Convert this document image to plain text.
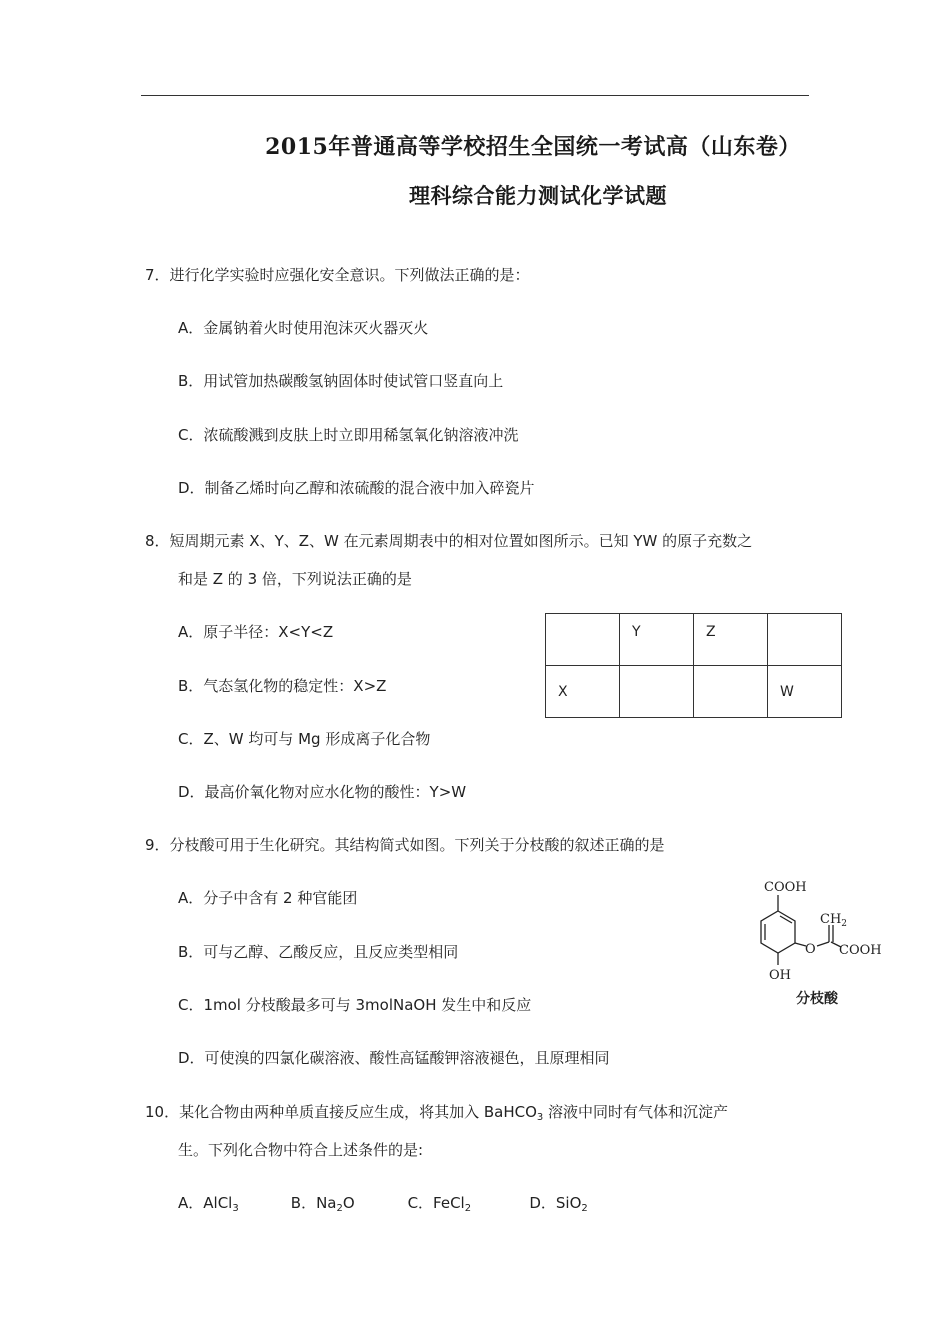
2015年普通高等学校招生全国统一考试高（山东卷）
理科综合能力测试化学试题
7．进行化学实验时应强化安全意识。下列做法正确的是：
A．金属钠着火时使用泡沫灭火器灭火
B．用试管加热碳酸氢钠固体时使试管口竖直向上
C．浓硫酸溅到皮肤上时立即用稀氢氧化钠溶液冲洗
D．制备乙烯时向乙醇和浓硫酸的混合液中加入碎瓷片
8．短周期元素 X、Y、Z、W 在元素周期表中的相对位置如图所示。已知 YW 的原子充数之
和是 Z 的 3 倍，下列说法正确的是
A．原子半径：X<Y<Z
B．气态氢化物的稳定性：X>Z
C．Z、W 均可与 Mg 形成离子化合物
D．最高价氧化物对应水化物的酸性：Y>W
	Y	Z	
X			W
9．分枝酸可用于生化研究。其结构简式如图。下列关于分枝酸的叙述正确的是
A．分子中含有 2 种官能团
B．可与乙醇、乙酸反应，且反应类型相同
C．1mol 分枝酸最多可与 3molNaOH 发生中和反应
D．可使溴的四氯化碳溶液、酸性高锰酸钾溶液褪色，且原理相同
COOH
O
$CH_2$
COOH
OH
分枝酸
10．某化合物由两种单质直接反应生成，将其加入 BaHCO$_3$ 溶液中同时有气体和沉淀产
生。下列化合物中符合上述条件的是:
A．AlCl$_3$	B．$Na_2O$	C．FeCl$_2$	D．SiO$_2$
